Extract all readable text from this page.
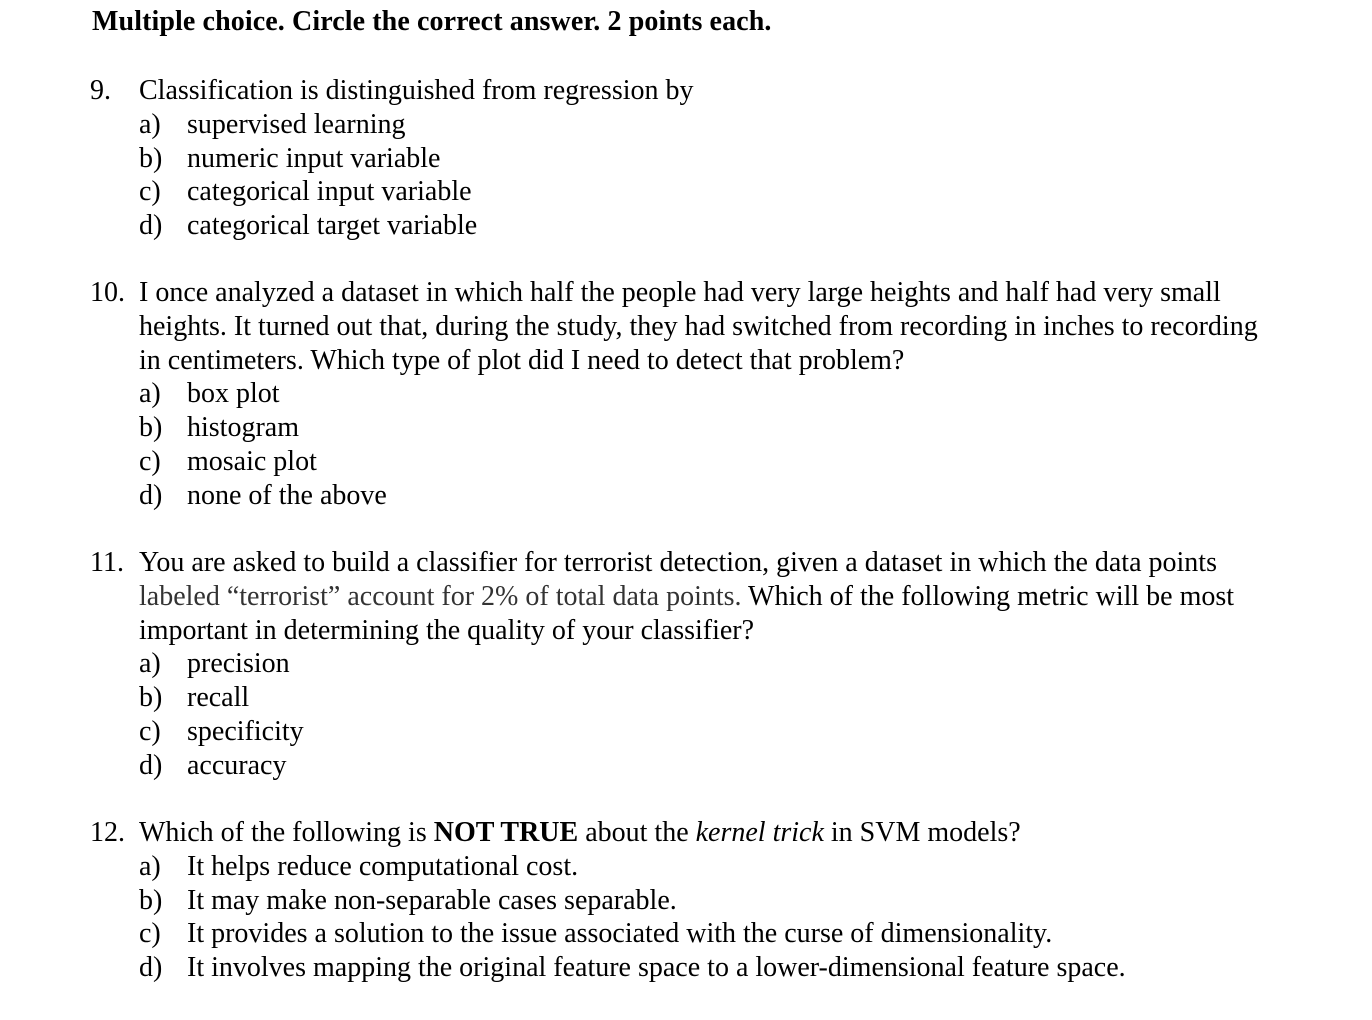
Multiple choice. Circle the correct answer. 2 points each.
9. Classification is distinguished from regression by
a) supervised learning
b) numeric input variable
c) categorical input variable
d) categorical target variable
10. I once analyzed a dataset in which half the people had very large heights and half had very small
heights. It turned out that, during the study, they had switched from recording in inches to recording
in centimeters. Which type of plot did I need to detect that problem?
a) box plot
b) histogram
c) mosaic plot
d) none of the above
11. You are asked to build a classifier for terrorist detection, given a dataset in which the data points
labeled “terrorist” account for 2% of total data points. Which of the following metric will be most
important in determining the quality of your classifier?
a) precision
b) recall
c) specificity
d) accuracy
12. Which of the following is NOT TRUE about the kernel trick in SVM models?
a) It helps reduce computational cost.
b) It may make non-separable cases separable.
c) It provides a solution to the issue associated with the curse of dimensionality.
d) It involves mapping the original feature space to a lower-dimensional feature space.
